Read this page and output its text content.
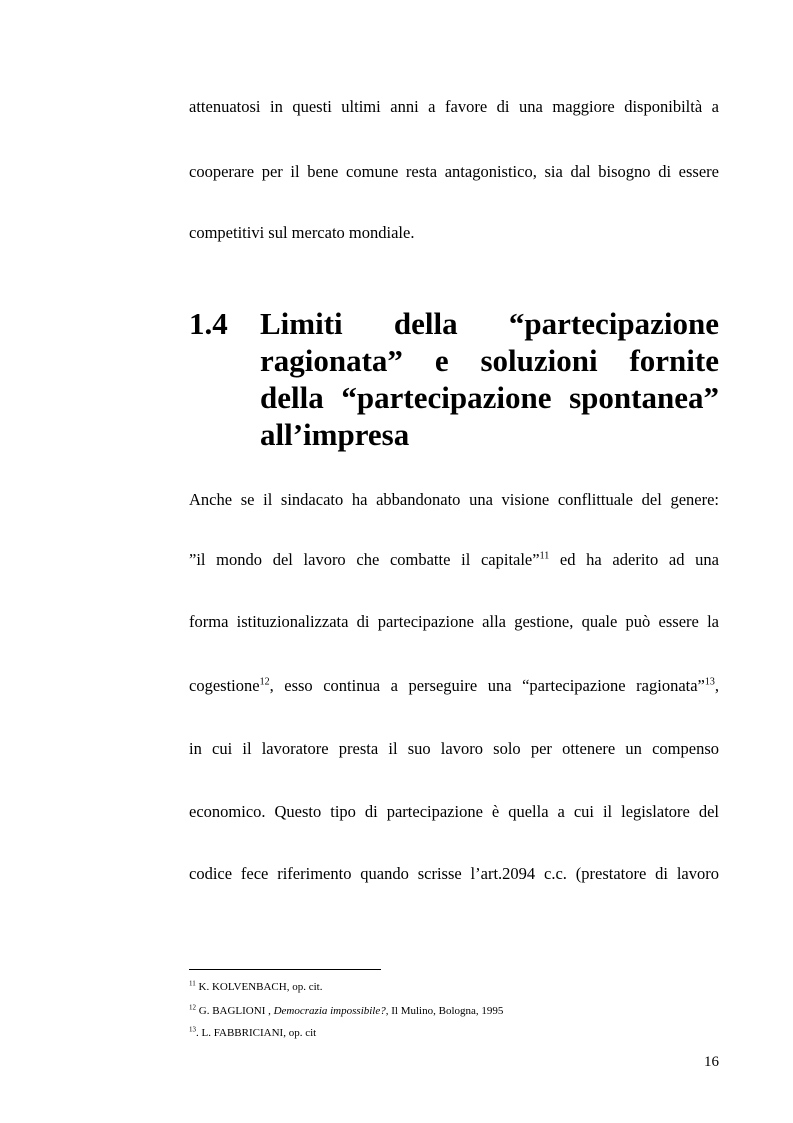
attenuatosi in questi ultimi anni a favore di una maggiore disponibiltà a
cooperare per il bene comune resta antagonistico, sia dal bisogno di essere
competitivi sul mercato mondiale.
1.4 Limiti della “partecipazione
ragionata” e soluzioni fornite
della “partecipazione spontanea”
all’impresa
Anche se il sindacato ha abbandonato una visione conflittuale del genere:
”il mondo del lavoro che combatte il capitale”$^{11}$ ed ha aderito ad una
forma istituzionalizzata di partecipazione alla gestione, quale può essere la
cogestione$^{12}$, esso continua a perseguire una “partecipazione ragionata”$^{13}$,
in cui il lavoratore presta il suo lavoro solo per ottenere un compenso
economico. Questo tipo di partecipazione è quella a cui il legislatore del
codice fece riferimento quando scrisse l’art.2094 c.c. (prestatore di lavoro
$^{11}$ K. KOLVENBACH, op. cit.
$^{12}$ G. BAGLIONI , Democrazia impossibile?, Il Mulino, Bologna, 1995
$^{13}$. L. FABBRICIANI, op. cit
16
